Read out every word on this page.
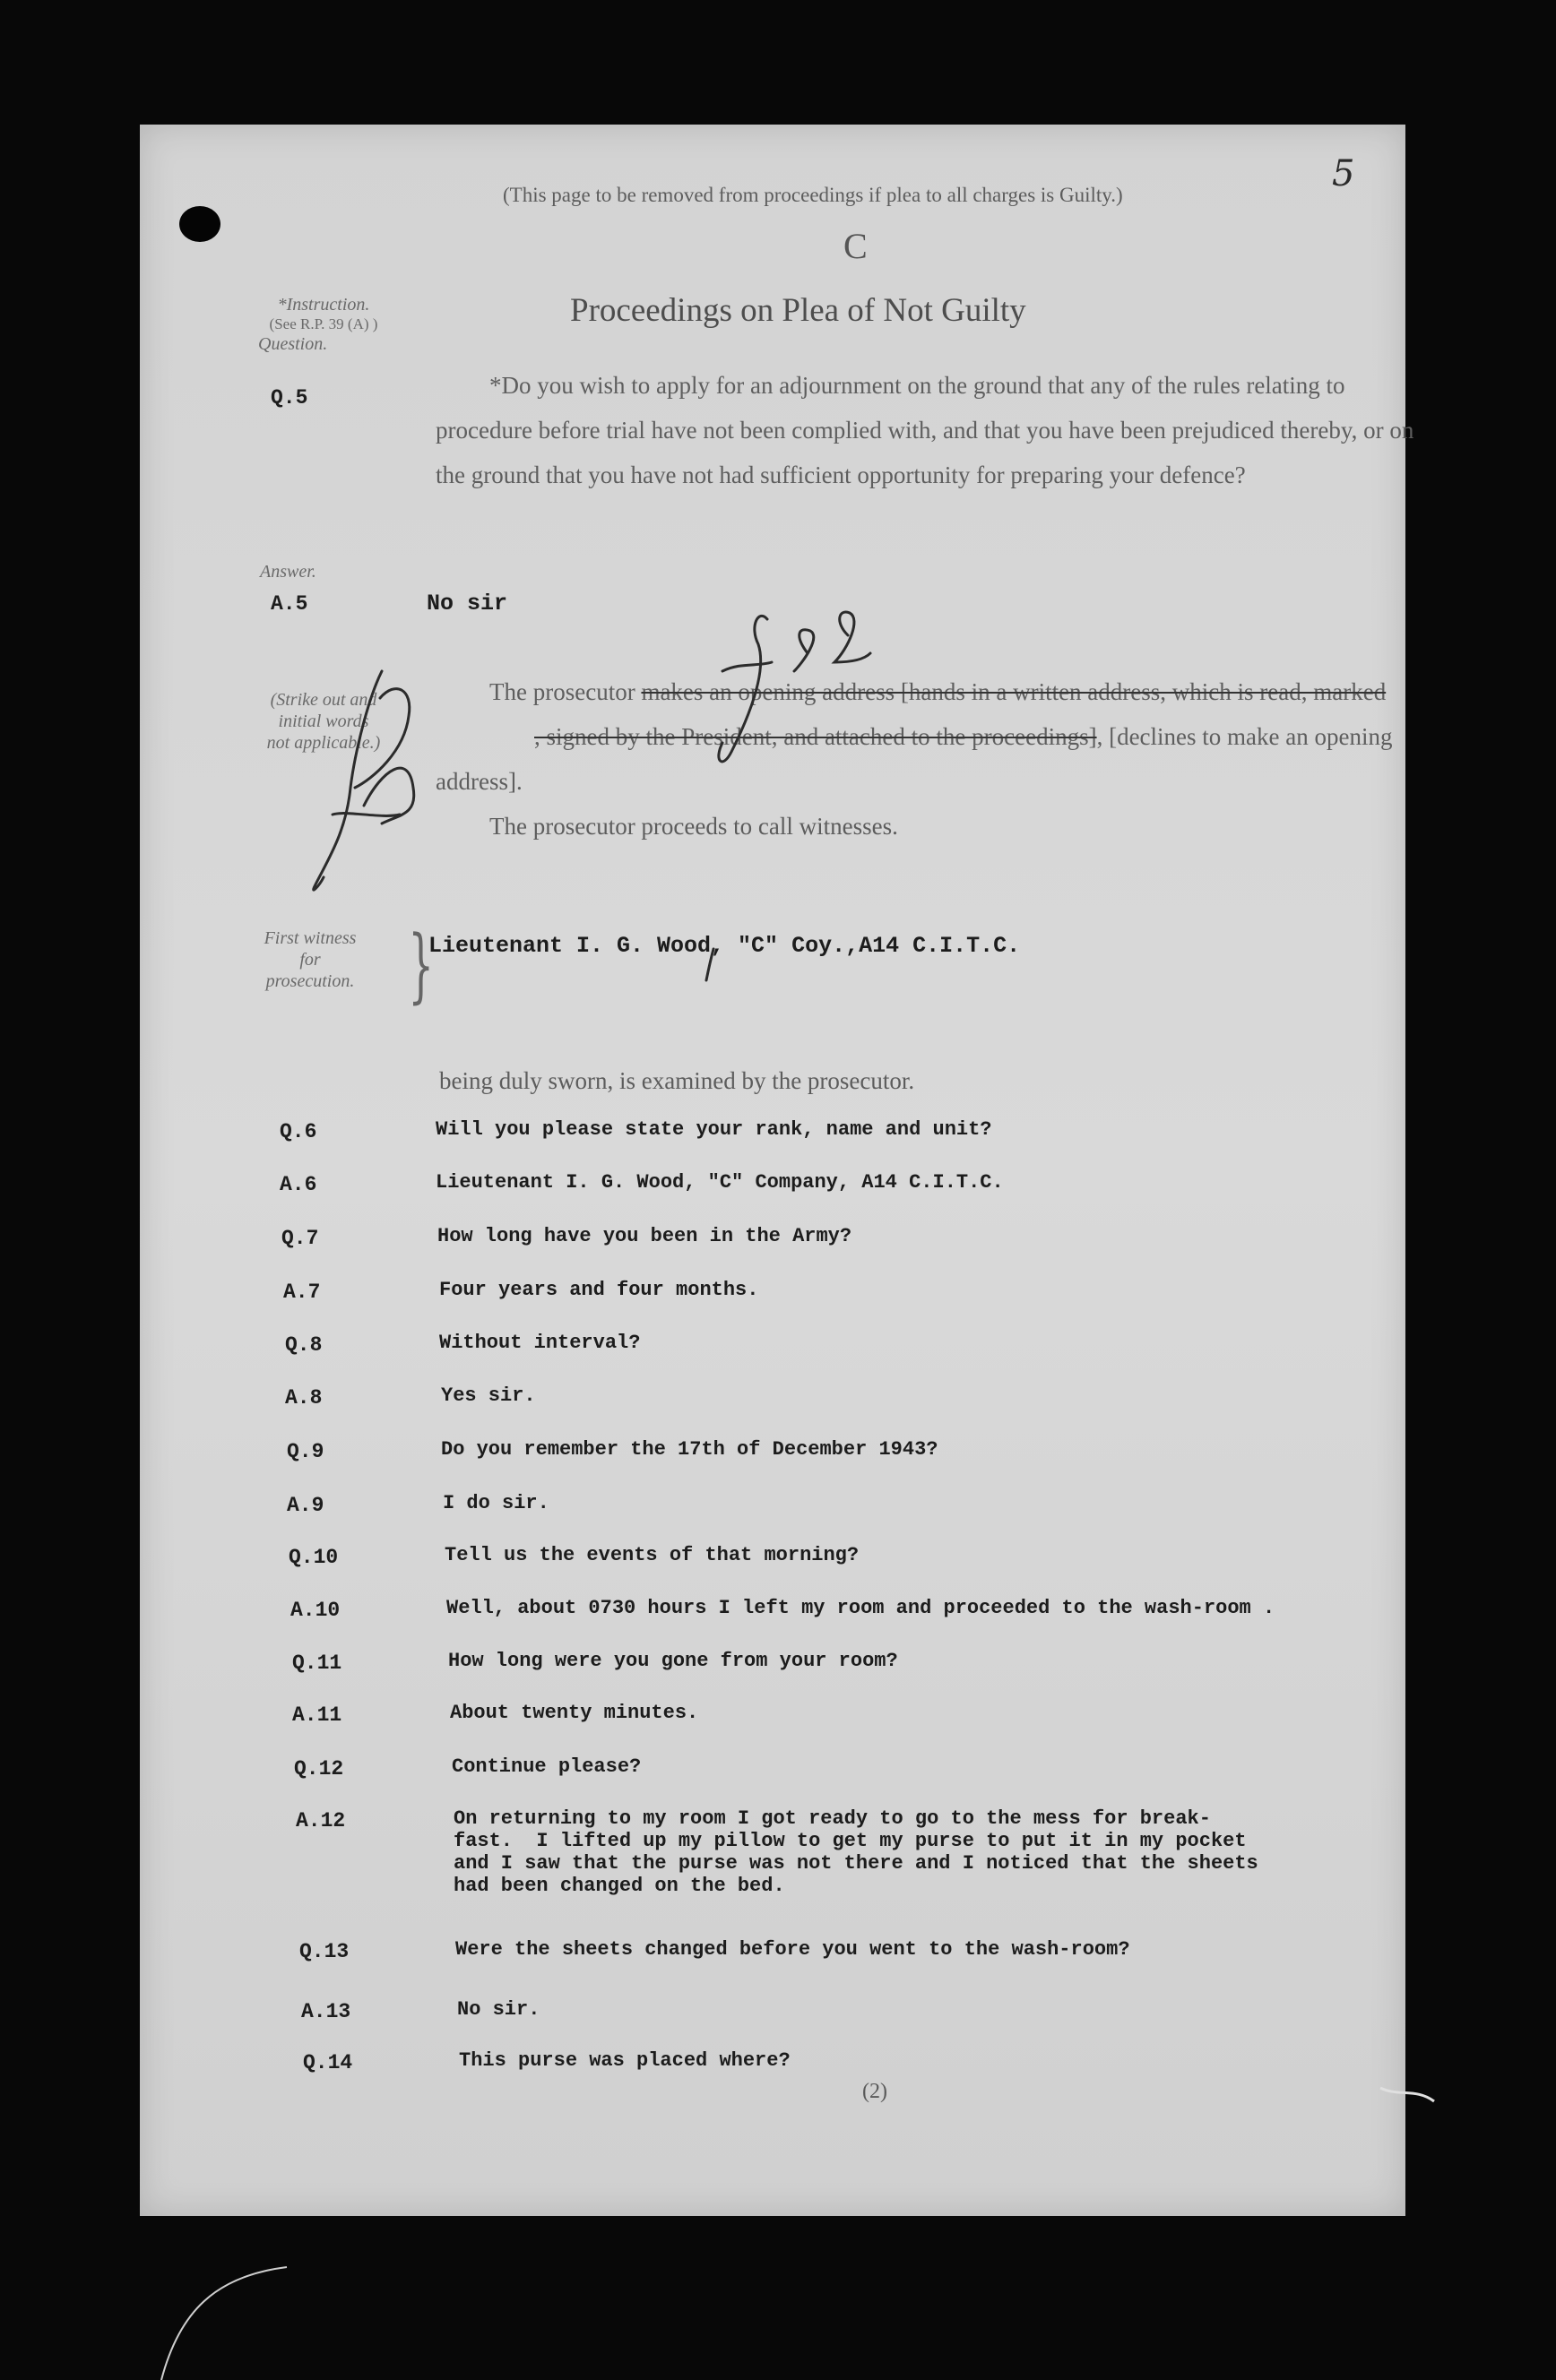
5
(This page to be removed from proceedings if plea to all charges is Guilty.)
C
Proceedings on Plea of Not Guilty
*Instruction.
(See R.P. 39 (A) )
Question.
Q.5	*Do you wish to apply for an adjournment on the ground that any of the rules relating to procedure before trial have not been complied with, and that you have been prejudiced thereby, or on the ground that you have not had sufficient opportunity for preparing your defence?
Answer.
A.5	No sir
(Strike out and
initial words
not applicable.)
The prosecutor makes an opening address [hands in a written address, which is read, marked , signed by the President, and attached to the proceedings], [declines to make an opening address].
The prosecutor proceeds to call witnesses.
First witness
for
prosecution. }
Lieutenant I. G. Wood, "C" Coy.,A14 C.I.T.C.
being duly sworn, is examined by the prosecutor.
Q.6	Will you please state your rank, name and unit?
A.6	Lieutenant I. G. Wood, "C" Company, A14 C.I.T.C.
Q.7	How long have you been in the Army?
A.7	Four years and four months.
Q.8	Without interval?
A.8	Yes sir.
Q.9	Do you remember the 17th of December 1943?
A.9	I do sir.
Q.10	Tell us the events of that morning?
A.10	Well, about 0730 hours I left my room and proceeded to the wash-room .
Q.11	How long were you gone from your room?
A.11	About twenty minutes.
Q.12	Continue please?
A.12	On returning to my room I got ready to go to the mess for break-
fast.  I lifted up my pillow to get my purse to put it in my pocket
and I saw that the purse was not there and I noticed that the sheets
had been changed on the bed.
Q.13	Were the sheets changed before you went to the wash-room?
A.13	No sir.
Q.14	This purse was placed where?
(2)
